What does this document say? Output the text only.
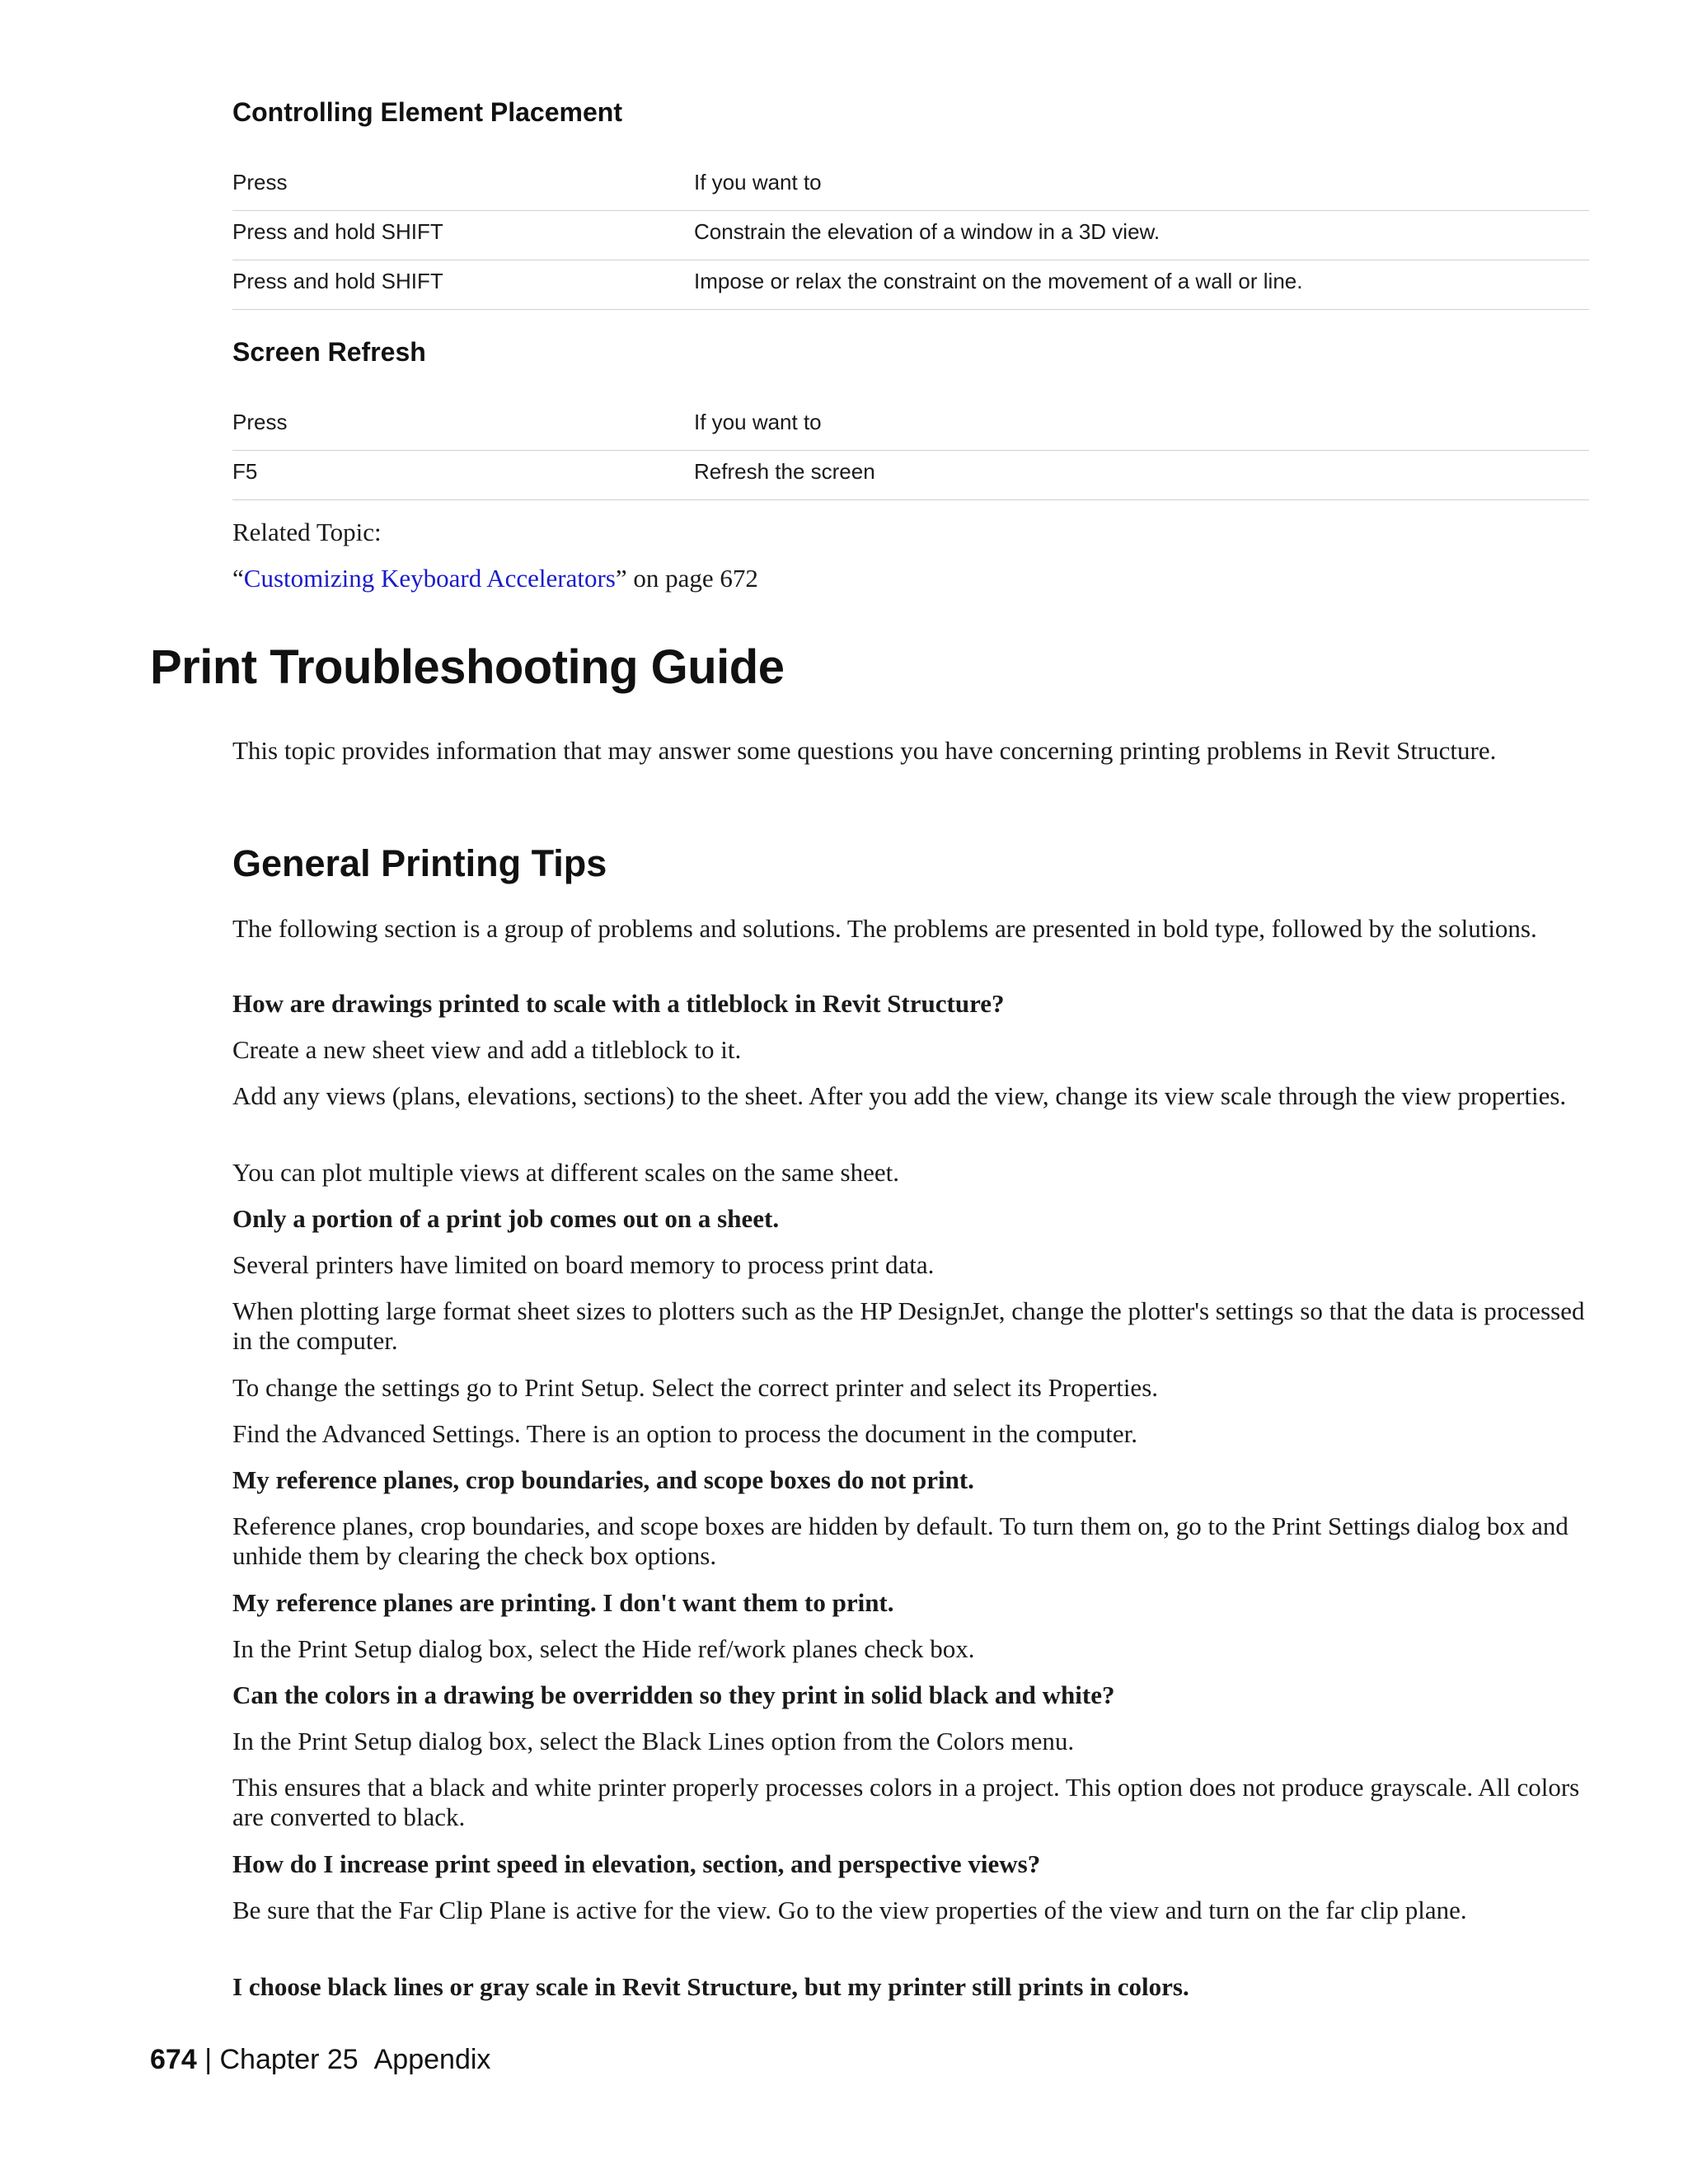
Controlling Element Placement
Press	If you want to
Press and hold SHIFT	Constrain the elevation of a window in a 3D view.
Press and hold SHIFT	Impose or relax the constraint on the movement of a wall or line.
Screen Refresh
Press	If you want to
F5	Refresh the screen
Related Topic:
“Customizing Keyboard Accelerators” on page 672
Print Troubleshooting Guide
This topic provides information that may answer some questions you have concerning printing problems in Revit Structure.
General Printing Tips
The following section is a group of problems and solutions. The problems are presented in bold type, followed by the solutions.
How are drawings printed to scale with a titleblock in Revit Structure?
Create a new sheet view and add a titleblock to it.
Add any views (plans, elevations, sections) to the sheet. After you add the view, change its view scale through the view properties.
You can plot multiple views at different scales on the same sheet.
Only a portion of a print job comes out on a sheet.
Several printers have limited on board memory to process print data.
When plotting large format sheet sizes to plotters such as the HP DesignJet, change the plotter's settings so that the data is processed in the computer.
To change the settings go to Print Setup. Select the correct printer and select its Properties.
Find the Advanced Settings. There is an option to process the document in the computer.
My reference planes, crop boundaries, and scope boxes do not print.
Reference planes, crop boundaries, and scope boxes are hidden by default. To turn them on, go to the Print Settings dialog box and unhide them by clearing the check box options.
My reference planes are printing. I don't want them to print.
In the Print Setup dialog box, select the Hide ref/work planes check box.
Can the colors in a drawing be overridden so they print in solid black and white?
In the Print Setup dialog box, select the Black Lines option from the Colors menu.
This ensures that a black and white printer properly processes colors in a project. This option does not produce grayscale. All colors are converted to black.
How do I increase print speed in elevation, section, and perspective views?
Be sure that the Far Clip Plane is active for the view. Go to the view properties of the view and turn on the far clip plane.
I choose black lines or gray scale in Revit Structure, but my printer still prints in colors.
674 | Chapter 25 Appendix
